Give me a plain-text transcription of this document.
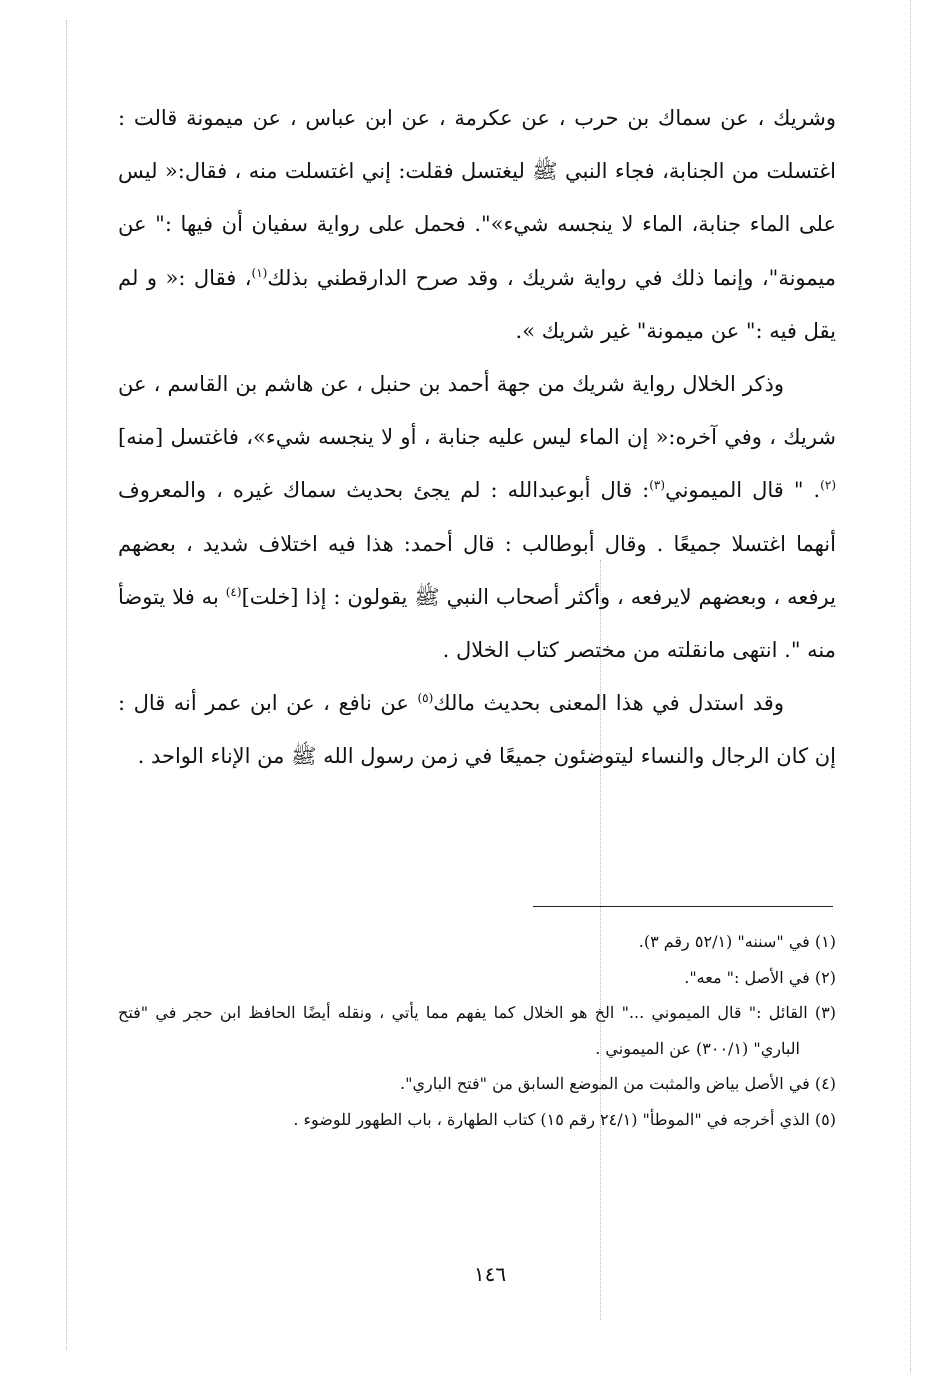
وشريك ، عن سماك بن حرب ، عن عكرمة ، عن ابن عباس ، عن ميمونة قالت : اغتسلت من الجنابة، فجاء النبي ﷺ ليغتسل فقلت: إني اغتسلت منه ، فقال:« ليس على الماء جنابة، الماء لا ينجسه شيء»". فحمل على رواية سفيان أن فيها :" عن ميمونة"، وإنما ذلك في رواية شريك ، وقد صرح الدارقطني بذلك$^{(١)}$، فقال :« و لم يقل فيه :" عن ميمونة" غير شريك ».

وذكر الخلال رواية شريك من جهة أحمد بن حنبل ، عن هاشم بن القاسم ، عن شريك ، وفي آخره:« إن الماء ليس عليه جنابة ، أو لا ينجسه شيء»، فاغتسل [منه]$^{(٢)}$. " قال الميموني$^{(٣)}$: قال أبوعبدالله : لم يجئ بحديث سماك غيره ، والمعروف أنهما اغتسلا جميعًا . وقال أبوطالب : قال أحمد: هذا فيه اختلاف شديد ، بعضهم يرفعه ، وبعضهم لايرفعه ، وأكثر أصحاب النبي ﷺ يقولون : إذا [خلت]$^{(٤)}$ به فلا يتوضأ منه ". انتهى مانقلته من مختصر كتاب الخلال .

وقد استدل في هذا المعنى بحديث مالك$^{(٥)}$ عن نافع ، عن ابن عمر أنه قال : إن كان الرجال والنساء ليتوضئون جميعًا في زمن رسول الله ﷺ من الإناء الواحد .

(١) في "سننه" (٥٢/١ رقم ٣).

(٢) في الأصل :" معه".

(٣) القائل :" قال الميموني ..." الخ هو الخلال كما يفهم مما يأتي ، ونقله أيضًا الحافظ ابن حجر في "فتح الباري" (٣٠٠/١) عن الميموني .

(٤) في الأصل بياض والمثبت من الموضع السابق من "فتح الباري".

(٥) الذي أخرجه في "الموطأ" (٢٤/١ رقم ١٥) كتاب الطهارة ، باب الطهور للوضوء .

١٤٦
